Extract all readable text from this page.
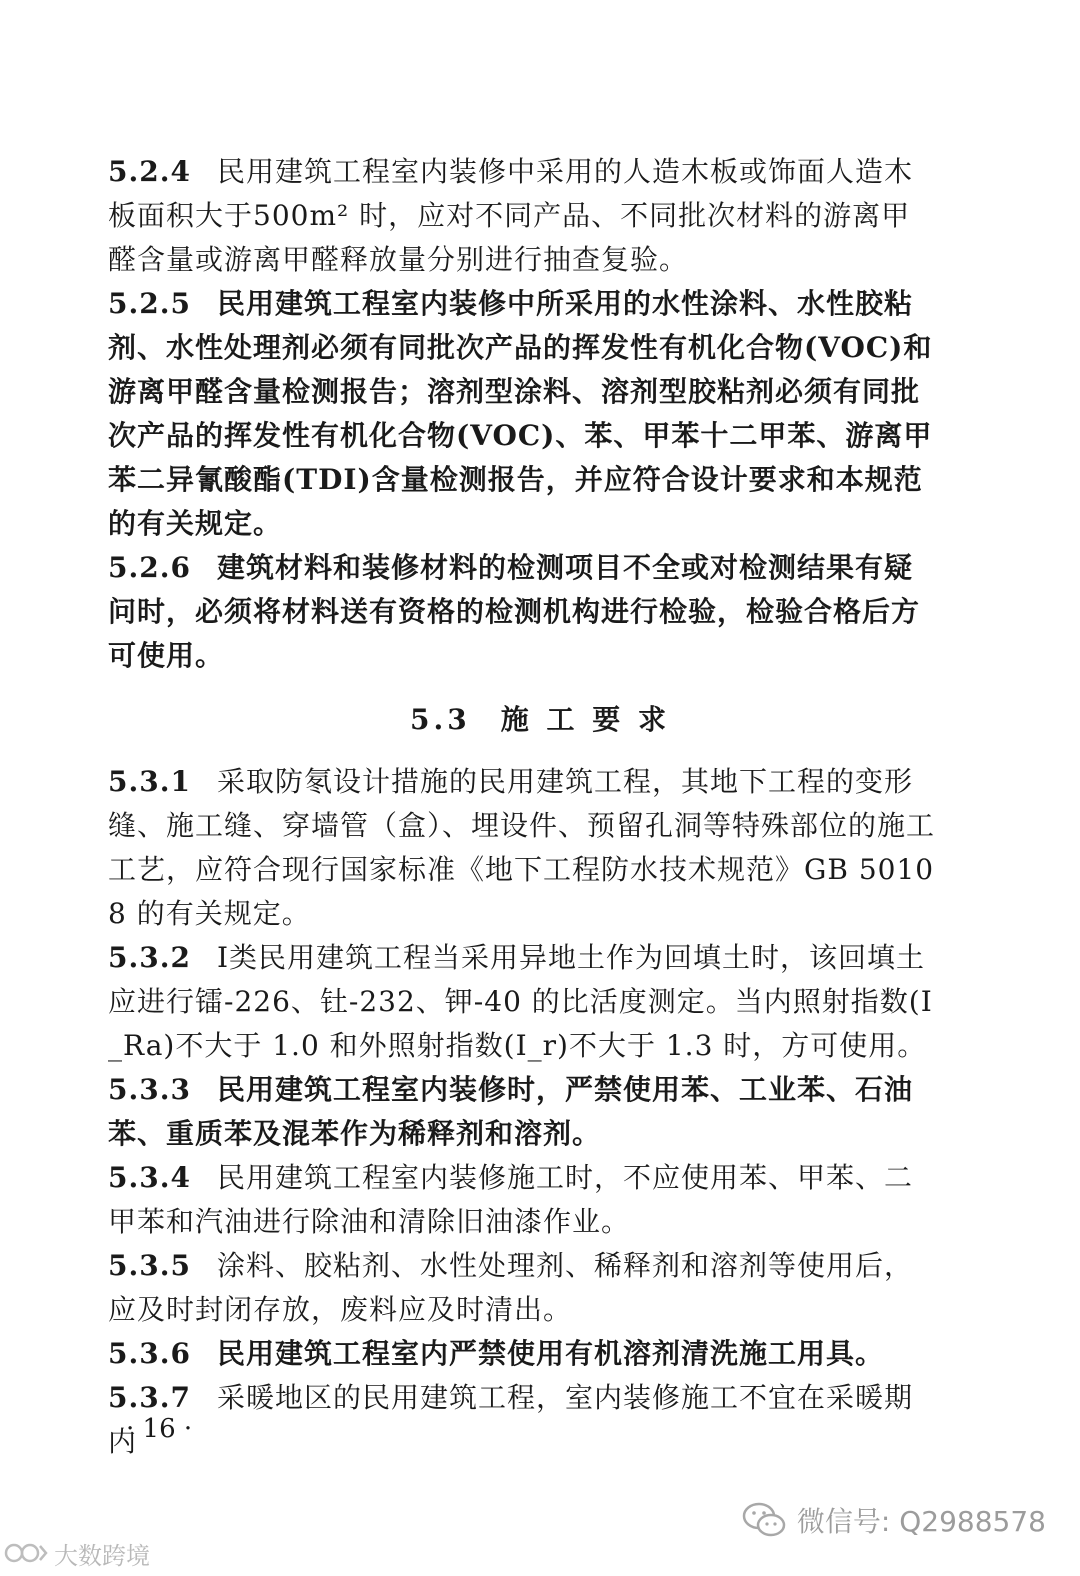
5.2.4 民用建筑工程室内装修中采用的人造木板或饰面人造木板面积大于500m² 时，应对不同产品、不同批次材料的游离甲醛含量或游离甲醛释放量分别进行抽查复验。

5.2.5 民用建筑工程室内装修中所采用的水性涂料、水性胶粘剂、水性处理剂必须有同批次产品的挥发性有机化合物(VOC)和游离甲醛含量检测报告；溶剂型涂料、溶剂型胶粘剂必须有同批次产品的挥发性有机化合物(VOC)、苯、甲苯十二甲苯、游离甲苯二异氰酸酯(TDI)含量检测报告，并应符合设计要求和本规范的有关规定。

5.2.6 建筑材料和装修材料的检测项目不全或对检测结果有疑问时，必须将材料送有资格的检测机构进行检验，检验合格后方可使用。

5.3 施 工 要 求

5.3.1 采取防氡设计措施的民用建筑工程，其地下工程的变形缝、施工缝、穿墙管（盒）、埋设件、预留孔洞等特殊部位的施工工艺，应符合现行国家标准《地下工程防水技术规范》GB 50108 的有关规定。

5.3.2 Ⅰ类民用建筑工程当采用异地土作为回填土时，该回填土应进行镭-226、钍-232、钾-40 的比活度测定。当内照射指数(I_Ra)不大于 1.0 和外照射指数(I_r)不大于 1.3 时，方可使用。

5.3.3 民用建筑工程室内装修时，严禁使用苯、工业苯、石油苯、重质苯及混苯作为稀释剂和溶剂。

5.3.4 民用建筑工程室内装修施工时，不应使用苯、甲苯、二甲苯和汽油进行除油和清除旧油漆作业。

5.3.5 涂料、胶粘剂、水性处理剂、稀释剂和溶剂等使用后，应及时封闭存放，废料应及时清出。

5.3.6 民用建筑工程室内严禁使用有机溶剂清洗施工用具。

5.3.7 采暖地区的民用建筑工程，室内装修施工不宜在采暖期内

· 16 ·
大数跨境
微信号: Q2988578
